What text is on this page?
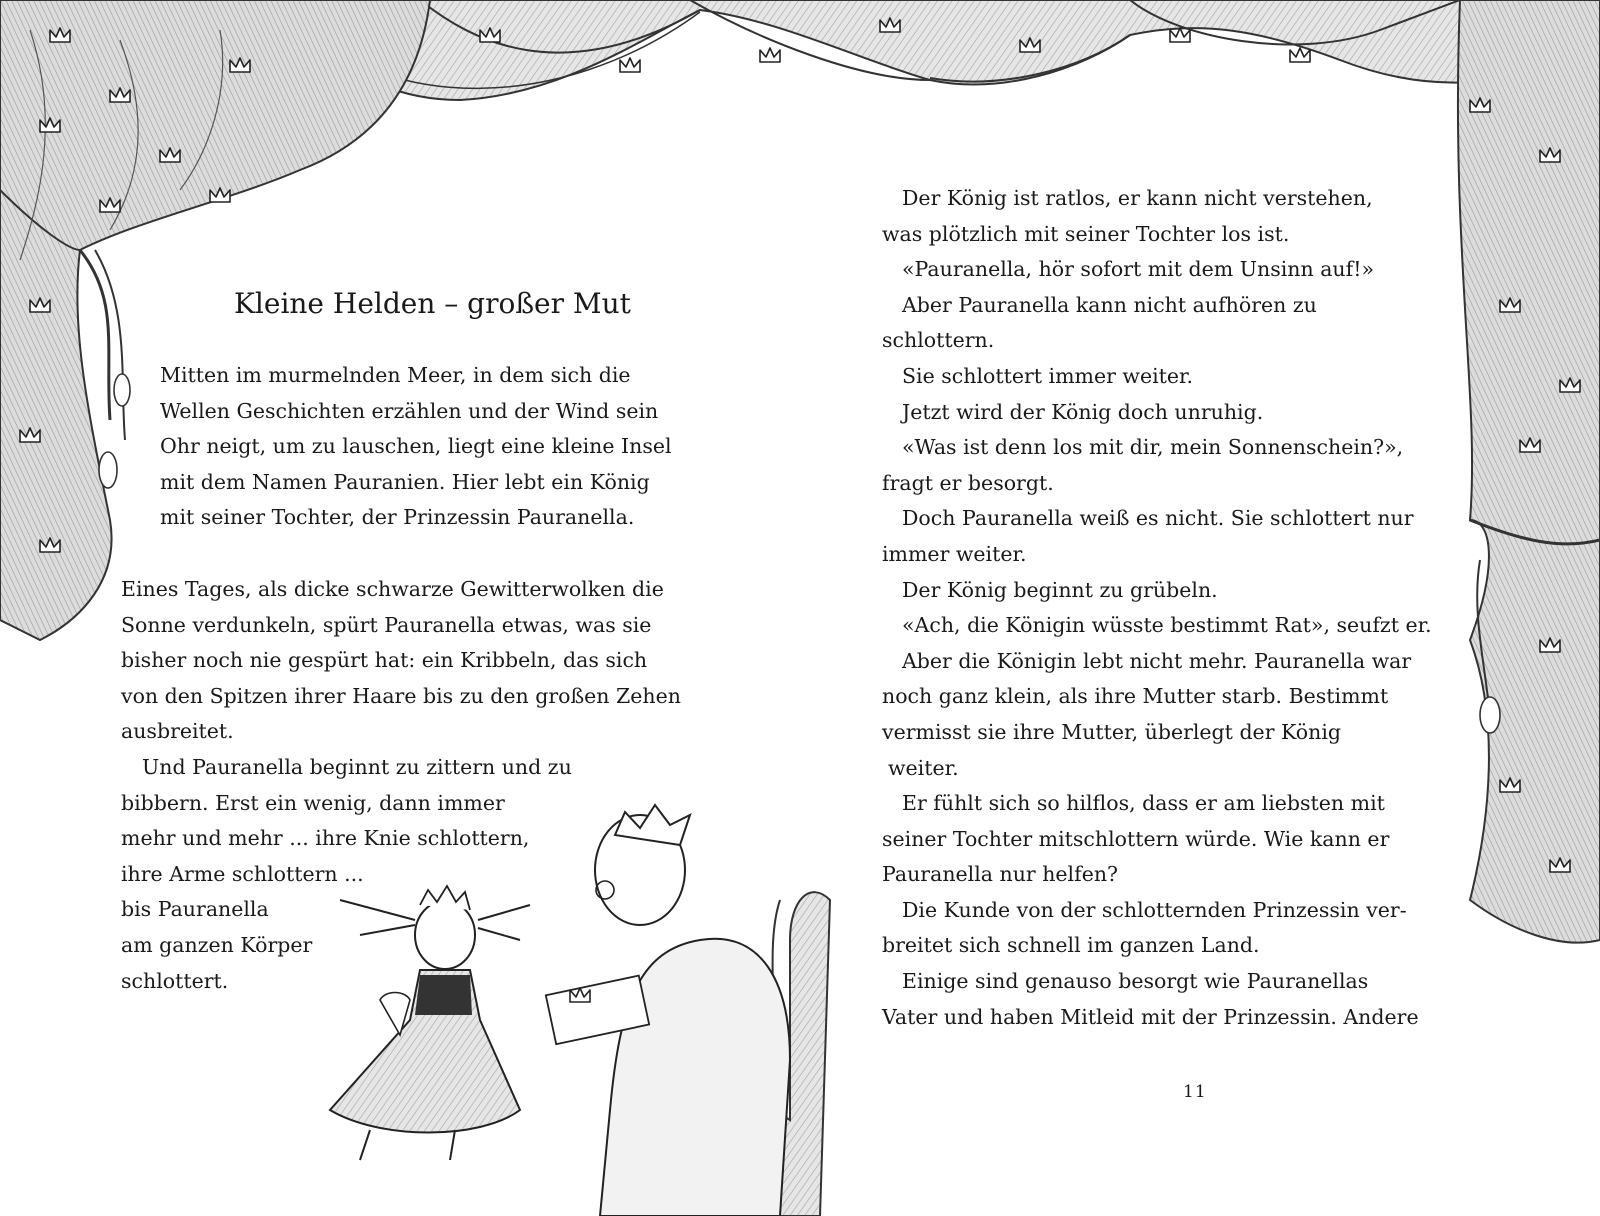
Kleine Helden – großer Mut
Mitten im murmelnden Meer, in dem sich die
Wellen Geschichten erzählen und der Wind sein
Ohr neigt, um zu lauschen, liegt eine kleine Insel
mit dem Namen Pauranien. Hier lebt ein König
mit seiner Tochter, der Prinzessin Pauranella.
Eines Tages, als dicke schwarze Gewitterwolken die
Sonne verdunkeln, spürt Pauranella etwas, was sie
bisher noch nie gespürt hat: ein Kribbeln, das sich
von den Spitzen ihrer Haare bis zu den großen Zehen
ausbreitet.
Und Pauranella beginnt zu zittern und zu
bibbern. Erst ein wenig, dann immer
mehr und mehr ... ihre Knie schlottern,
ihre Arme schlottern ...
bis Pauranella
am ganzen Körper
schlottert.
Der König ist ratlos, er kann nicht verstehen,
was plötzlich mit seiner Tochter los ist.
«Pauranella, hör sofort mit dem Unsinn auf!»
Aber Pauranella kann nicht aufhören zu
schlottern.
Sie schlottert immer weiter.
Jetzt wird der König doch unruhig.
«Was ist denn los mit dir, mein Sonnenschein?»,
fragt er besorgt.
Doch Pauranella weiß es nicht. Sie schlottert nur
immer weiter.
Der König beginnt zu grübeln.
«Ach, die Königin wüsste bestimmt Rat», seufzt er.
Aber die Königin lebt nicht mehr. Pauranella war
noch ganz klein, als ihre Mutter starb. Bestimmt
vermisst sie ihre Mutter, überlegt der König
weiter.
Er fühlt sich so hilflos, dass er am liebsten mit
seiner Tochter mitschlottern würde. Wie kann er
Pauranella nur helfen?
Die Kunde von der schlotternden Prinzessin ver-
breitet sich schnell im ganzen Land.
Einige sind genauso besorgt wie Pauranellas
Vater und haben Mitleid mit der Prinzessin. Andere
11
